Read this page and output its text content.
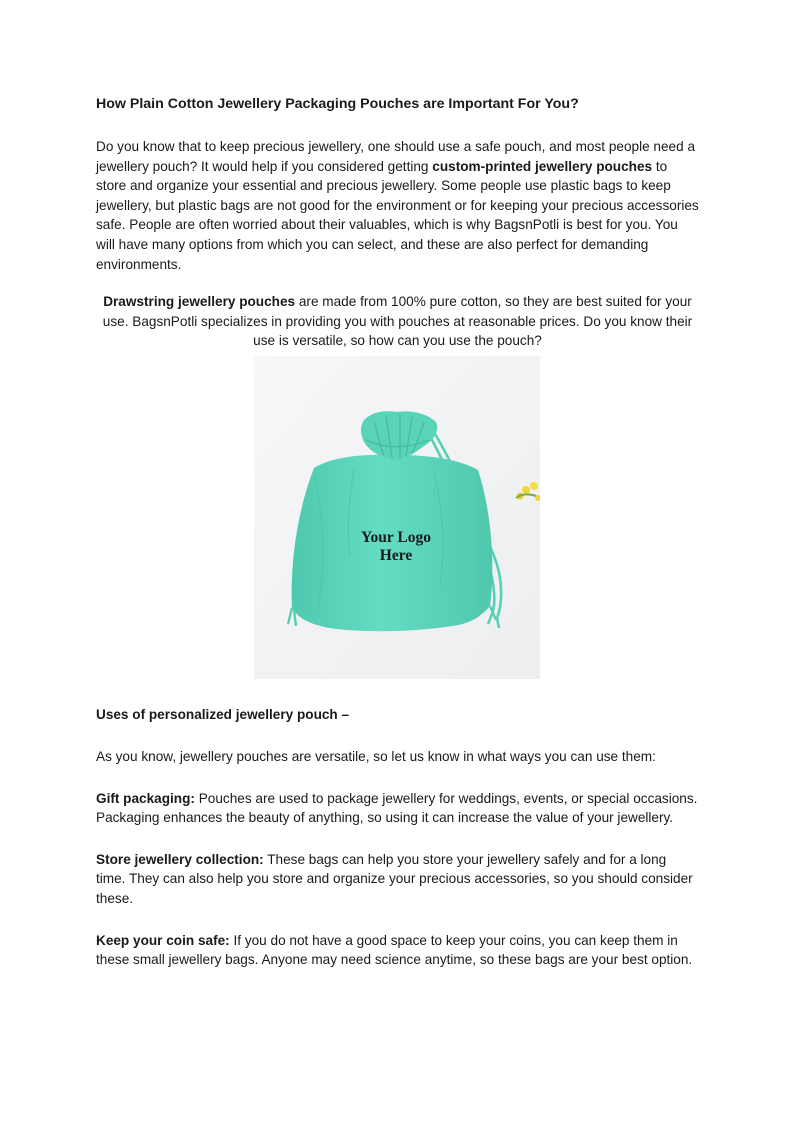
How Plain Cotton Jewellery Packaging Pouches are Important For You?

Do you know that to keep precious jewellery, one should use a safe pouch, and most people need a jewellery pouch? It would help if you considered getting custom-printed jewellery pouches to store and organize your essential and precious jewellery. Some people use plastic bags to keep jewellery, but plastic bags are not good for the environment or for keeping your precious accessories safe. People are often worried about their valuables, which is why BagsnPotli is best for you. You will have many options from which you can select, and these are also perfect for demanding environments.

Drawstring jewellery pouches are made from 100% pure cotton, so they are best suited for your use. BagsnPotli specializes in providing you with pouches at reasonable prices. Do you know their use is versatile, so how can you use the pouch?

Your Logo
Here

Uses of personalized jewellery pouch –

As you know, jewellery pouches are versatile, so let us know in what ways you can use them:

Gift packaging: Pouches are used to package jewellery for weddings, events, or special occasions. Packaging enhances the beauty of anything, so using it can increase the value of your jewellery.

Store jewellery collection: These bags can help you store your jewellery safely and for a long time. They can also help you store and organize your precious accessories, so you should consider these.

Keep your coin safe: If you do not have a good space to keep your coins, you can keep them in these small jewellery bags. Anyone may need science anytime, so these bags are your best option.
